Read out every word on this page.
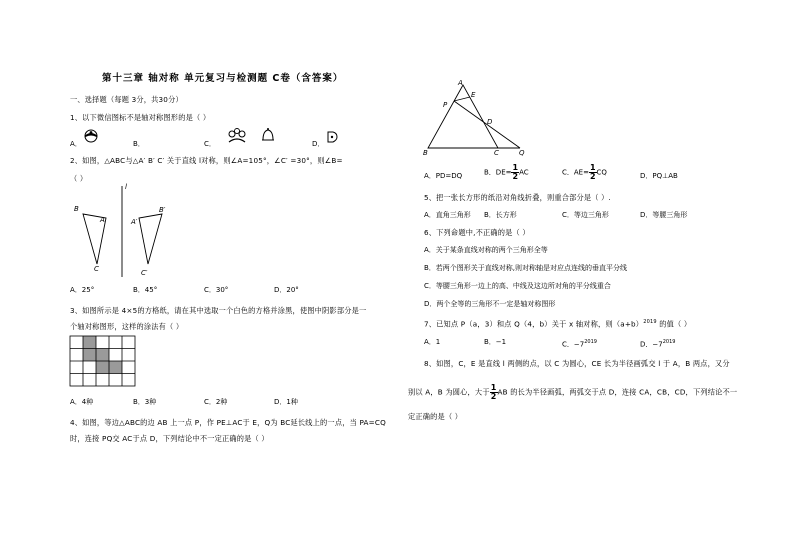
第十三章 轴对称 单元复习与检测题 C卷（含答案）
一、选择题（每题 3分，共30分）
1、以下微信图标不是轴对称图形的是（ ）
A．	B．	C．	D．
2、如图，△ABC与△A′ B′ C′ 关于直线 l对称，则∠A=105°，∠C′ =30°，则∠B=
（ ）
B
A
C
l
B′
A′
C′
A．25°	B．45°	C．30°	D．20°
3、如图所示是 4×5的方格纸，请在其中选取一个白色的方格并涂黑，使图中阴影部分是一
个轴对称图形，这样的涂法有（ ）
A．4种	B．3种	C．2种	D．1种
4、如图，等边△ABC的边 AB 上一点 P，作 PE⊥AC于 E，Q为 BC延长线上的一点，当 PA=CQ
时，连接 PQ交 AC于点 D，下列结论中不一定正确的是（ ）
A
E
P
D
B	C	Q
A．PD=DQ	B．$DE= \frac{1}{2}$ AC	C．$AE= \frac{1}{2}$ CQ	D．PQ⊥AB
5、把一张长方形的纸沿对角线折叠，则重合部分是（ ）.
A．直角三角形 B．长方形	C．等边三角形	D．等腰三角形
6、下列命题中,不正确的是（ ）
A．关于某条直线对称的两个三角形全等
B．若两个图形关于直线对称,则对称轴是对应点连线的垂直平分线
C．等腰三角形一边上的高、中线及这边所对角的平分线重合
D．两个全等的三角形不一定是轴对称图形
7、已知点 P（a，3）和点 Q（4，b）关于 x 轴对称，则$(a+b)^{2019}$ 的值（ ）
A．1	B．−1	C．$-7^{2019}$	D．$-7^{2019}$
8、如图，C，E 是直线 l 两侧的点，以 C 为圆心，CE 长为半径画弧交 l 于 A，B 两点，又分
别以 A，B 为圆心，大于 $\frac{1}{2}$ AB 的长为半径画弧，两弧交于点 D，连接 CA，CB，CD，下列结论不一
定正确的是（ ）
